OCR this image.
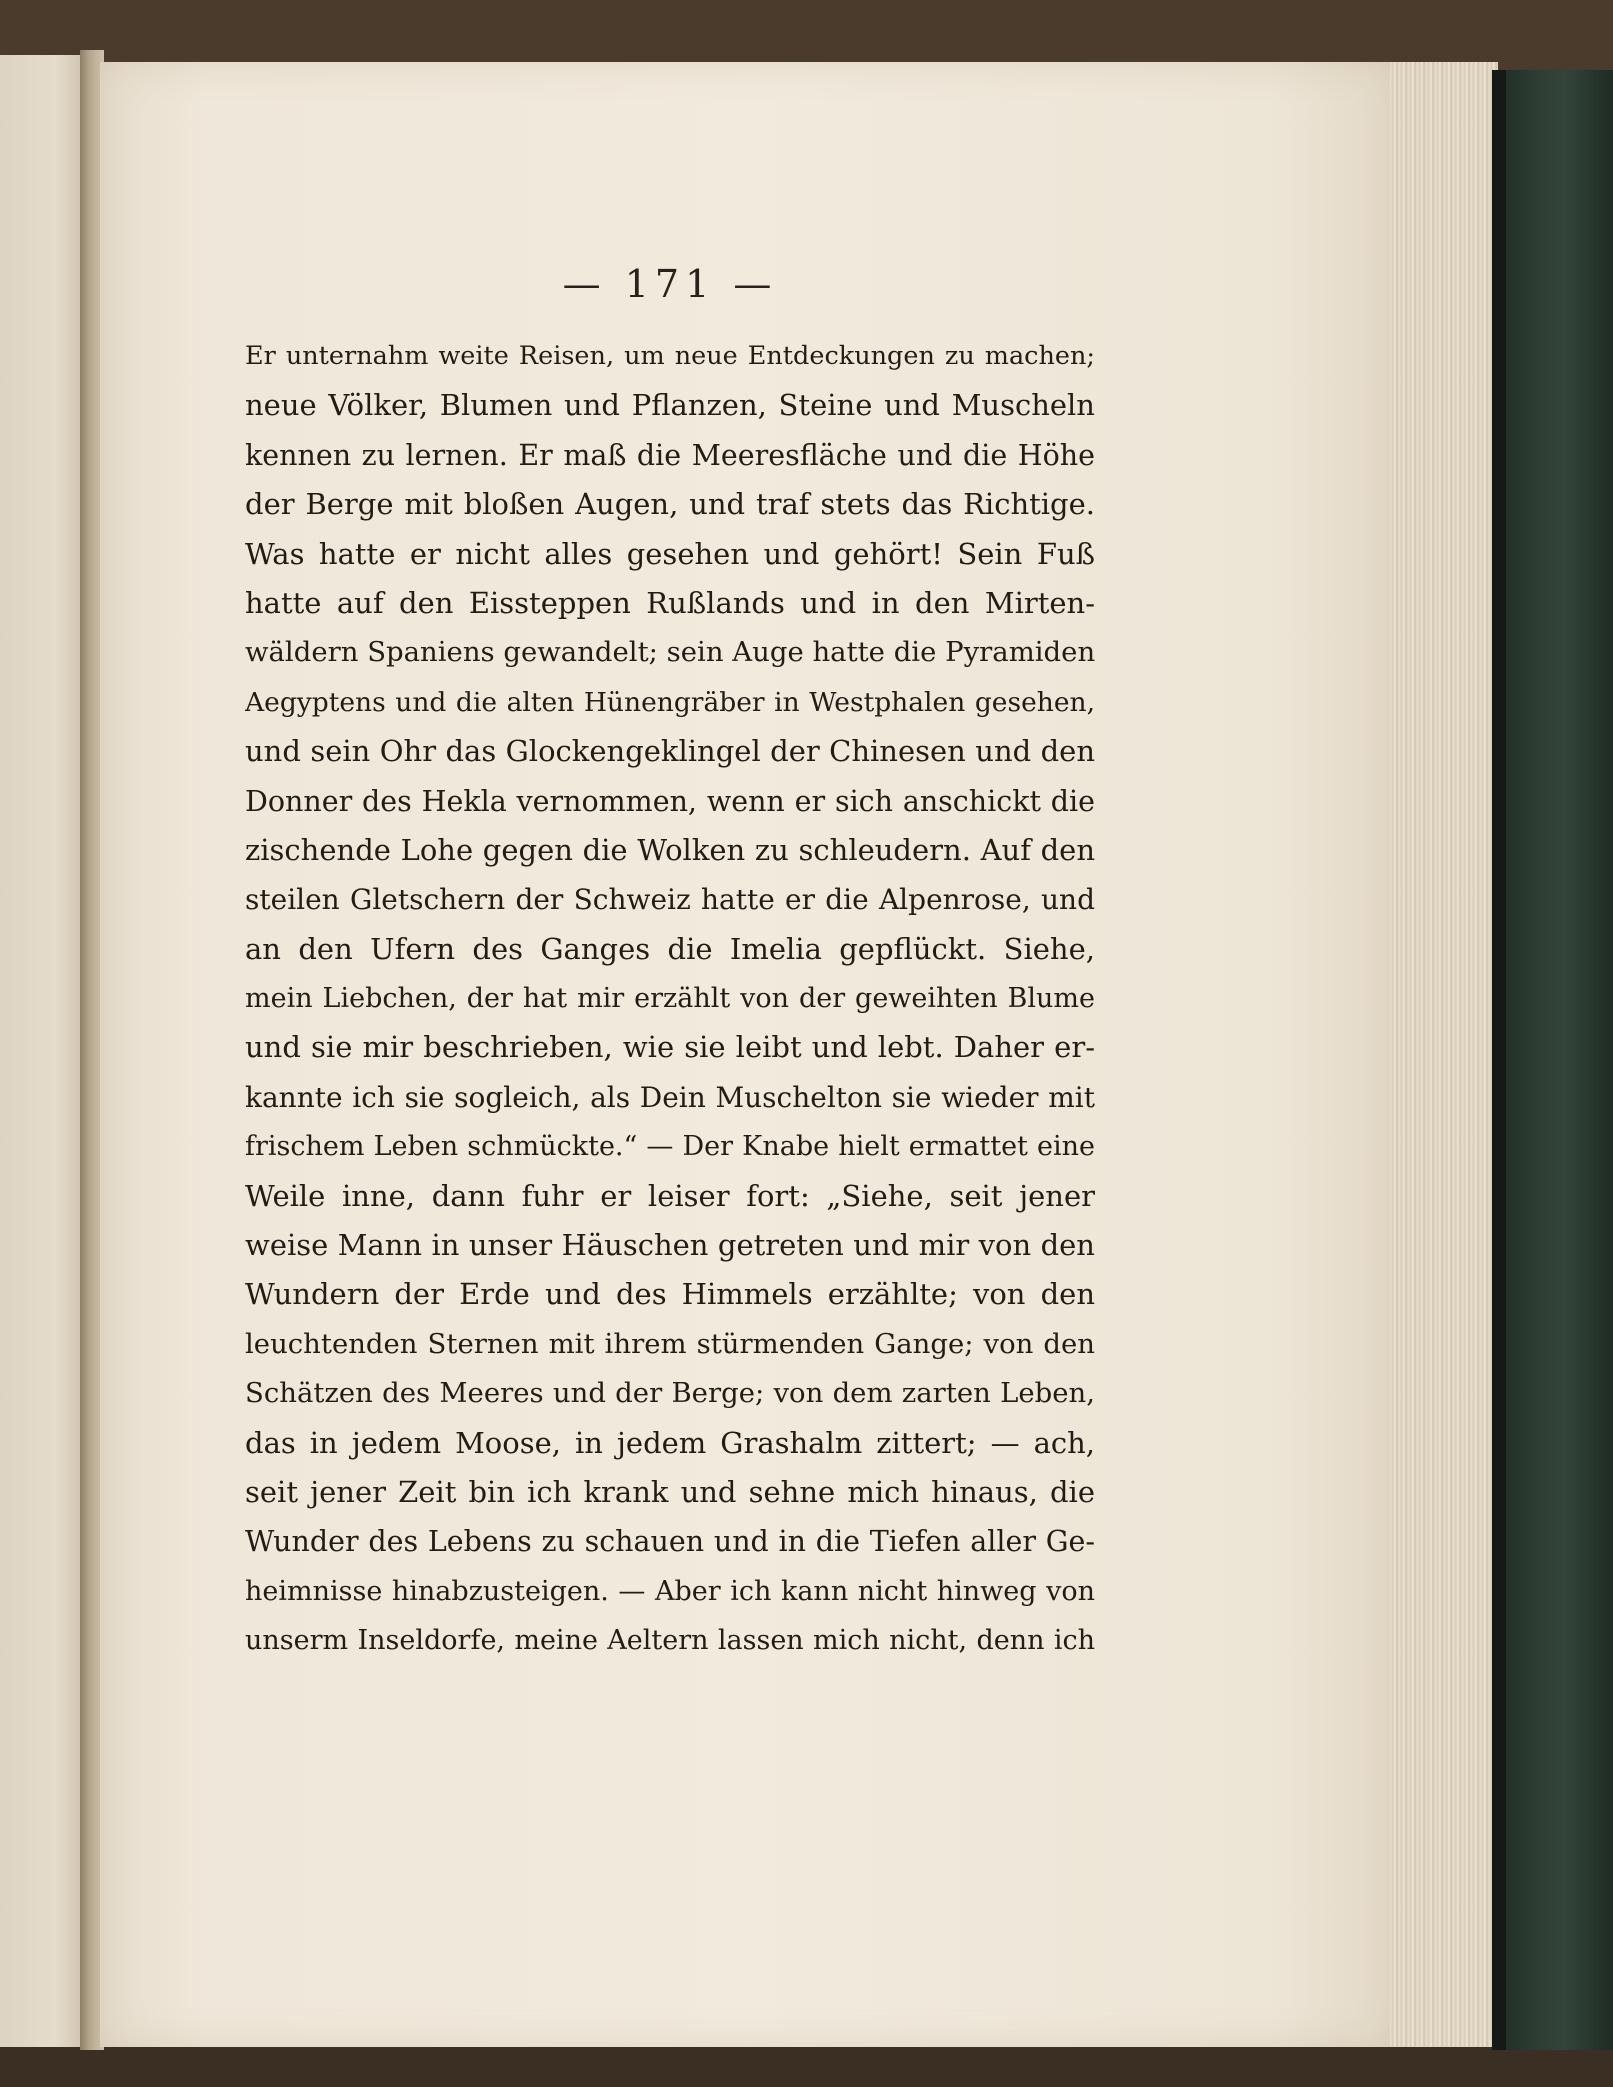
— 171 —
Er unternahm weite Reisen, um neue Entdeckungen zu machen;
neue Völker, Blumen und Pflanzen, Steine und Muscheln
kennen zu lernen. Er maß die Meeresfläche und die Höhe
der Berge mit bloßen Augen, und traf stets das Richtige.
Was hatte er nicht alles gesehen und gehört! Sein Fuß
hatte auf den Eissteppen Rußlands und in den Mirten-
wäldern Spaniens gewandelt; sein Auge hatte die Pyramiden
Aegyptens und die alten Hünengräber in Westphalen gesehen,
und sein Ohr das Glockengeklingel der Chinesen und den
Donner des Hekla vernommen, wenn er sich anschickt die
zischende Lohe gegen die Wolken zu schleudern. Auf den
steilen Gletschern der Schweiz hatte er die Alpenrose, und
an den Ufern des Ganges die Imelia gepflückt. Siehe,
mein Liebchen, der hat mir erzählt von der geweihten Blume
und sie mir beschrieben, wie sie leibt und lebt. Daher er-
kannte ich sie sogleich, als Dein Muschelton sie wieder mit
frischem Leben schmückte.“ — Der Knabe hielt ermattet eine
Weile inne, dann fuhr er leiser fort: „Siehe, seit jener
weise Mann in unser Häuschen getreten und mir von den
Wundern der Erde und des Himmels erzählte; von den
leuchtenden Sternen mit ihrem stürmenden Gange; von den
Schätzen des Meeres und der Berge; von dem zarten Leben,
das in jedem Moose, in jedem Grashalm zittert; — ach,
seit jener Zeit bin ich krank und sehne mich hinaus, die
Wunder des Lebens zu schauen und in die Tiefen aller Ge-
heimnisse hinabzusteigen. — Aber ich kann nicht hinweg von
unserm Inseldorfe, meine Aeltern lassen mich nicht, denn ich
